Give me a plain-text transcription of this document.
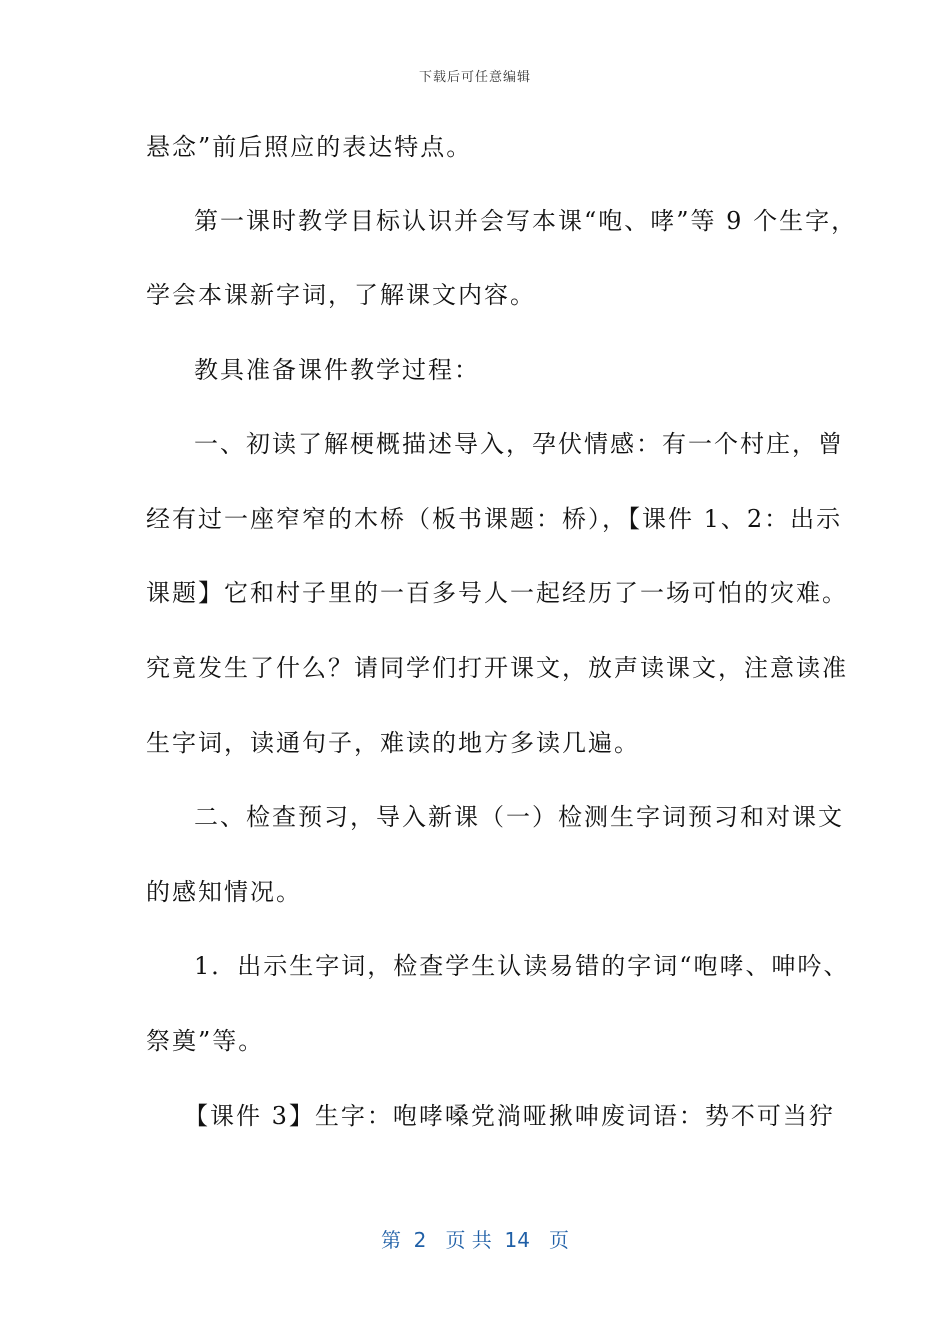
下载后可任意编辑
悬念”前后照应的表达特点。
第一课时教学目标认识并会写本课“咆、哮”等 9 个生字，
学会本课新字词，了解课文内容。
教具准备课件教学过程：
一、初读了解梗概描述导入，孕伏情感：有一个村庄，曾
经有过一座窄窄的木桥（板书课题：桥），【课件 1、2：出示
课题】它和村子里的一百多号人一起经历了一场可怕的灾难。
究竟发生了什么？请同学们打开课文，放声读课文，注意读准
生字词，读通句子，难读的地方多读几遍。
二、检查预习，导入新课（一）检测生字词预习和对课文
的感知情况。
1．出示生字词，检查学生认读易错的字词“咆哮、呻吟、
祭奠”等。
【课件 3】生字：咆哮嗓党淌哑揪呻废词语：势不可当狞
第  2   页 共  14   页
